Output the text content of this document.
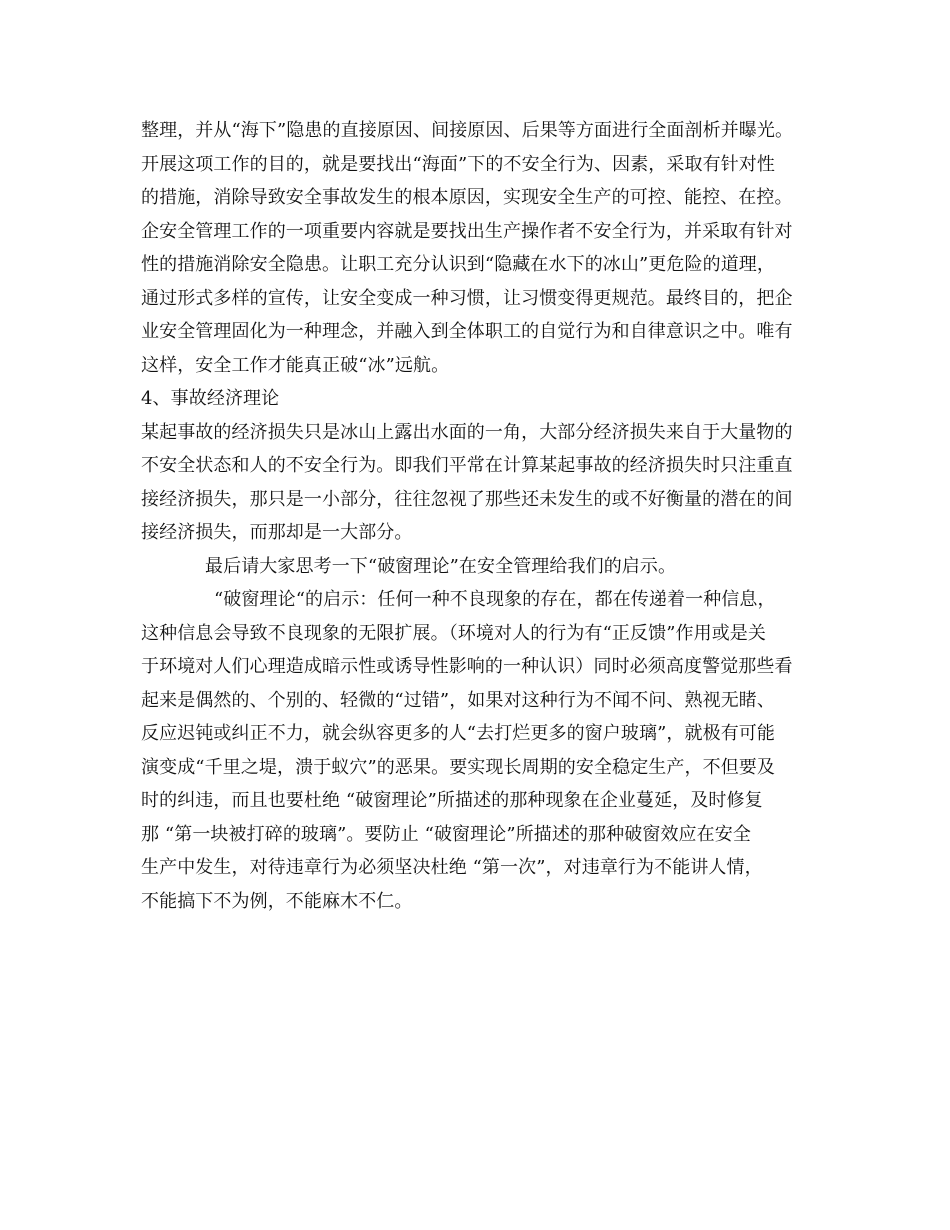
整理，并从“海下”隐患的直接原因、间接原因、后果等方面进行全面剖析并曝光。
开展这项工作的目的，就是要找出“海面”下的不安全行为、因素，采取有针对性
的措施，消除导致安全事故发生的根本原因，实现安全生产的可控、能控、在控。
企安全管理工作的一项重要内容就是要找出生产操作者不安全行为，并采取有针对
性的措施消除安全隐患。让职工充分认识到“隐藏在水下的冰山”更危险的道理，
通过形式多样的宣传，让安全变成一种习惯，让习惯变得更规范。最终目的，把企
业安全管理固化为一种理念，并融入到全体职工的自觉行为和自律意识之中。唯有
这样，安全工作才能真正破“冰”远航。
4、事故经济理论
某起事故的经济损失只是冰山上露出水面的一角，大部分经济损失来自于大量物的
不安全状态和人的不安全行为。即我们平常在计算某起事故的经济损失时只注重直
接经济损失，那只是一小部分，往往忽视了那些还未发生的或不好衡量的潜在的间
接经济损失，而那却是一大部分。
最后请大家思考一下“破窗理论”在安全管理给我们的启示。
“破窗理论“的启示：任何一种不良现象的存在，都在传递着一种信息，
这种信息会导致不良现象的无限扩展。（环境对人的行为有“正反馈”作用或是关
于环境对人们心理造成暗示性或诱导性影响的一种认识）同时必须高度警觉那些看
起来是偶然的、个别的、轻微的“过错”，如果对这种行为不闻不问、熟视无睹、
反应迟钝或纠正不力，就会纵容更多的人“去打烂更多的窗户玻璃”，就极有可能
演变成“千里之堤，溃于蚁穴”的恶果。要实现长周期的安全稳定生产，不但要及
时的纠违，而且也要杜绝 “破窗理论”所描述的那种现象在企业蔓延，及时修复
那 “第一块被打碎的玻璃”。要防止 “破窗理论”所描述的那种破窗效应在安全
生产中发生，对待违章行为必须坚决杜绝 “第一次”，对违章行为不能讲人情，
不能搞下不为例，不能麻木不仁。
